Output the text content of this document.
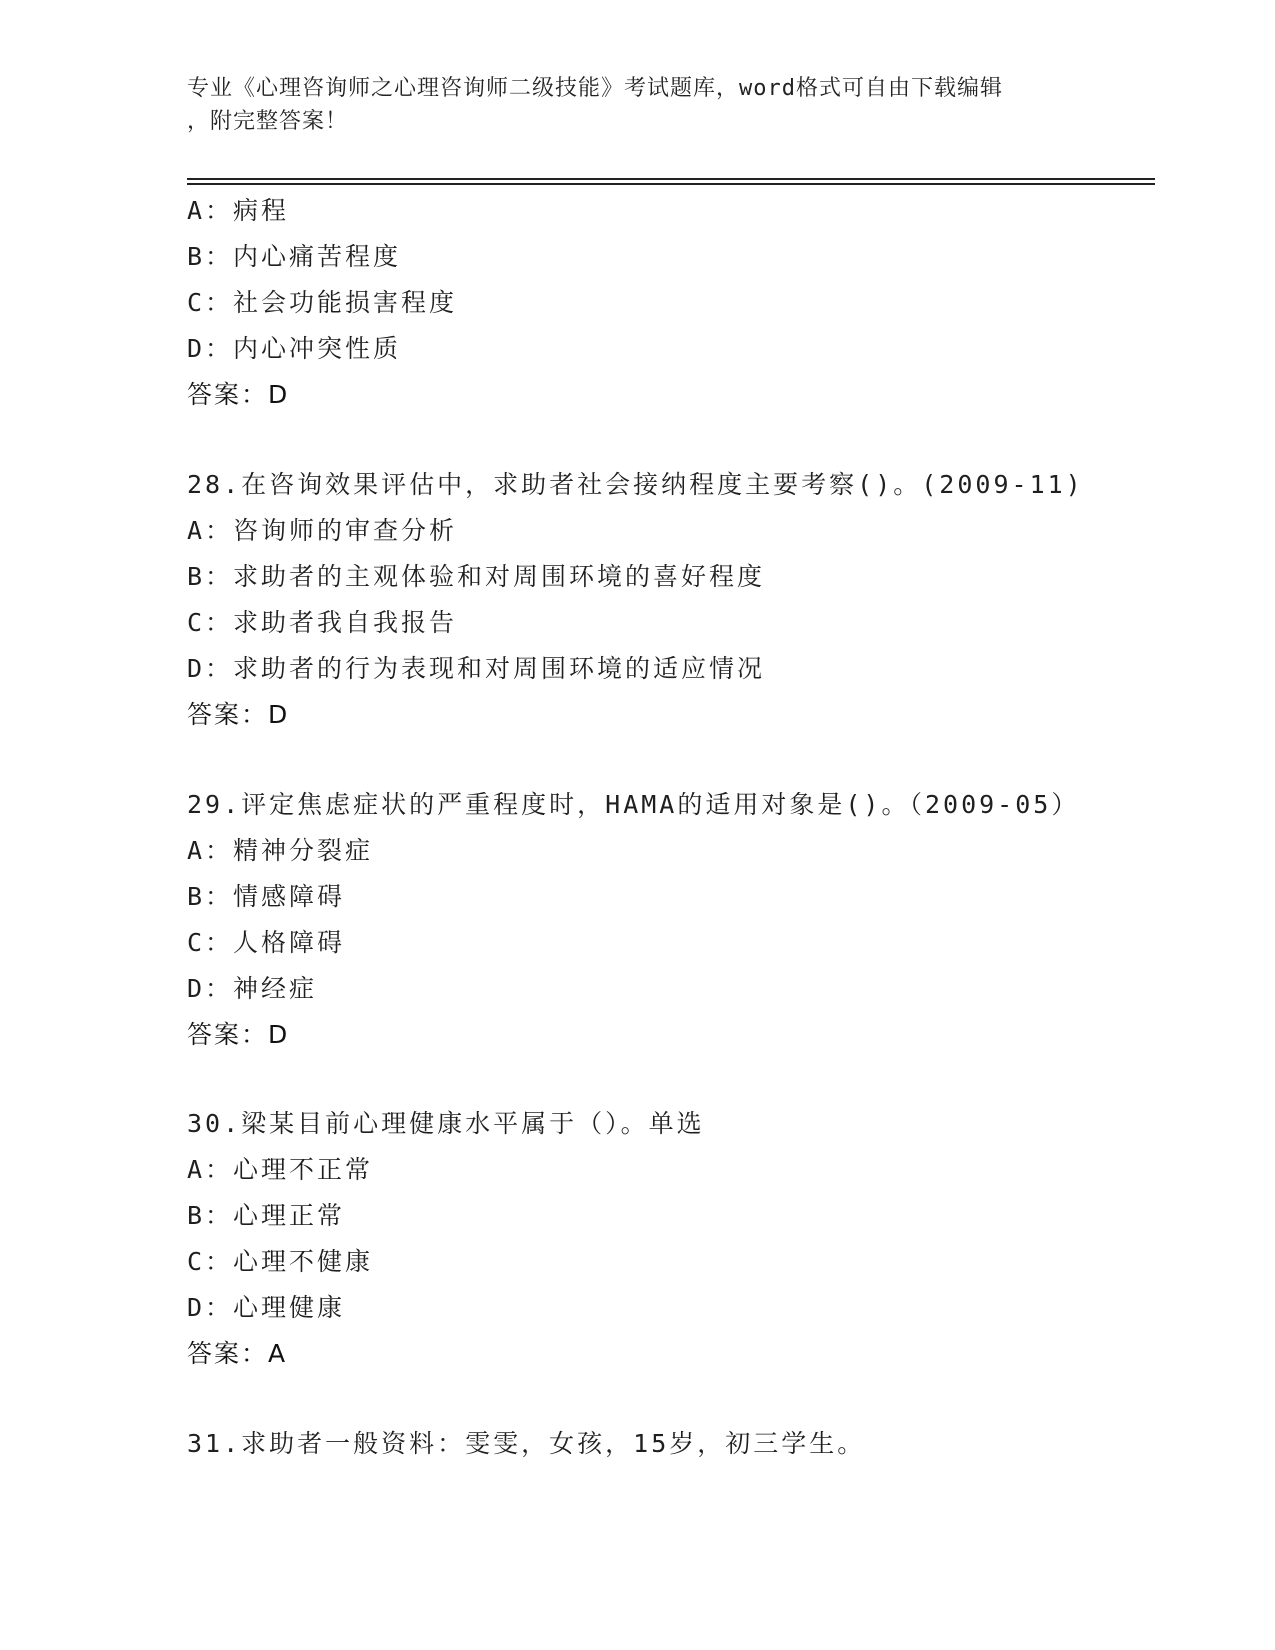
专业《心理咨询师之心理咨询师二级技能》考试题库，word格式可自由下载编辑
，附完整答案！
A：病程
B：内心痛苦程度
C：社会功能损害程度
D：内心冲突性质
答案：D
28.在咨询效果评估中，求助者社会接纳程度主要考察()。(2009-11)
A：咨询师的审查分析
B：求助者的主观体验和对周围环境的喜好程度
C：求助者我自我报告
D：求助者的行为表现和对周围环境的适应情况
答案：D
29.评定焦虑症状的严重程度时，HAMA的适用对象是()。（2009-05）
A：精神分裂症
B：情感障碍
C：人格障碍
D：神经症
答案：D
30.梁某目前心理健康水平属于（）。单选
A：心理不正常
B：心理正常
C：心理不健康
D：心理健康
答案：A
31.求助者一般资料：雯雯，女孩，15岁，初三学生。
